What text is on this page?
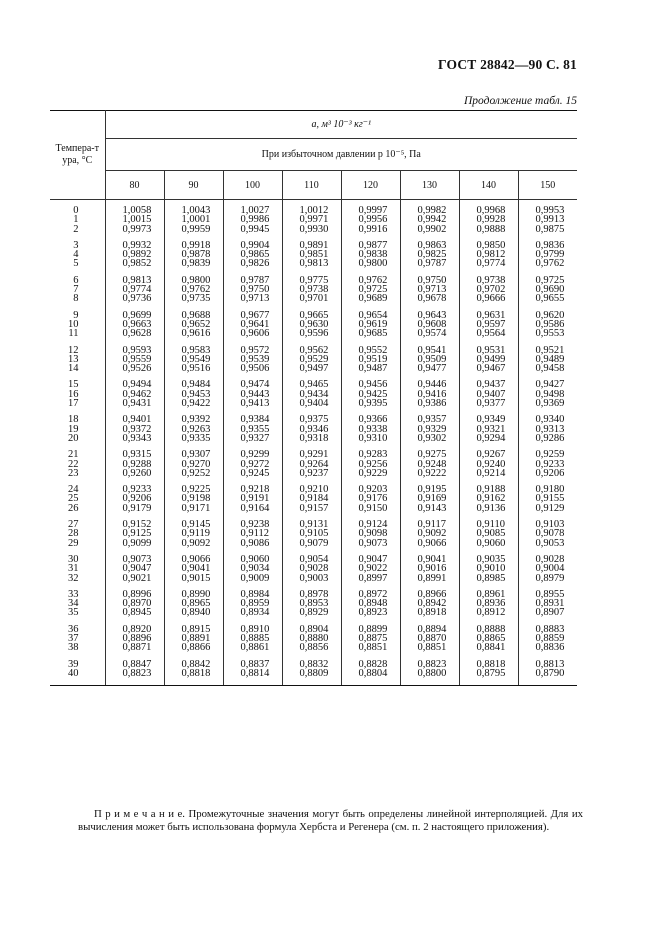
ГОСТ 28842—90 С. 81
Продолжение табл. 15
Темпера-тура, °C	a, м³ 10⁻³ кг⁻¹							
	При избыточном давлении p 10⁻⁵, Па							
	80	90	100	110	120	130	140	150
0	1,0058	1,0043	1,0027	1,0012	0,9997	0,9982	0,9968	0,9953
1	1,0015	1,0001	0,9986	0,9971	0,9956	0,9942	0,9928	0,9913
2	0,9973	0,9959	0,9945	0,9930	0,9916	0,9902	0,9888	0,9875
3	0,9932	0,9918	0,9904	0,9891	0,9877	0,9863	0,9850	0,9836
4	0,9892	0,9878	0,9865	0,9851	0,9838	0,9825	0,9812	0,9799
5	0,9852	0,9839	0,9826	0,9813	0,9800	0,9787	0,9774	0,9762
6	0,9813	0,9800	0,9787	0,9775	0,9762	0,9750	0,9738	0,9725
7	0,9774	0,9762	0,9750	0,9738	0,9725	0,9713	0,9702	0,9690
8	0,9736	0,9735	0,9713	0,9701	0,9689	0,9678	0,9666	0,9655
9	0,9699	0,9688	0,9677	0,9665	0,9654	0,9643	0,9631	0,9620
10	0,9663	0,9652	0,9641	0,9630	0,9619	0,9608	0,9597	0,9586
11	0,9628	0,9616	0,9606	0,9596	0,9685	0,9574	0,9564	0,9553
12	0,9593	0,9583	0,9572	0,9562	0,9552	0,9541	0,9531	0,9521
13	0,9559	0,9549	0,9539	0,9529	0,9519	0,9509	0,9499	0,9489
14	0,9526	0,9516	0,9506	0,9497	0,9487	0,9477	0,9467	0,9458
15	0,9494	0,9484	0,9474	0,9465	0,9456	0,9446	0,9437	0,9427
16	0,9462	0,9453	0,9443	0,9434	0,9425	0,9416	0,9407	0,9498
17	0,9431	0,9422	0,9413	0,9404	0,9395	0,9386	0,9377	0,9369
18	0,9401	0,9392	0,9384	0,9375	0,9366	0,9357	0,9349	0,9340
19	0,9372	0,9263	0,9355	0,9346	0,9338	0,9329	0,9321	0,9313
20	0,9343	0,9335	0,9327	0,9318	0,9310	0,9302	0,9294	0,9286
21	0,9315	0,9307	0,9299	0,9291	0,9283	0,9275	0,9267	0,9259
22	0,9288	0,9270	0,9272	0,9264	0,9256	0,9248	0,9240	0,9233
23	0,9260	0,9252	0,9245	0,9237	0,9229	0,9222	0,9214	0,9206
24	0,9233	0,9225	0,9218	0,9210	0,9203	0,9195	0,9188	0,9180
25	0,9206	0,9198	0,9191	0,9184	0,9176	0,9169	0,9162	0,9155
26	0,9179	0,9171	0,9164	0,9157	0,9150	0,9143	0,9136	0,9129
27	0,9152	0,9145	0,9238	0,9131	0,9124	0,9117	0,9110	0,9103
28	0,9125	0,9119	0,9112	0,9105	0,9098	0,9092	0,9085	0,9078
29	0,9099	0,9092	0,9086	0,9079	0,9073	0,9066	0,9060	0,9053
30	0,9073	0,9066	0,9060	0,9054	0,9047	0,9041	0,9035	0,9028
31	0,9047	0,9041	0,9034	0,9028	0,9022	0,9016	0,9010	0,9004
32	0,9021	0,9015	0,9009	0,9003	0,8997	0,8991	0,8985	0,8979
33	0,8996	0,8990	0,8984	0,8978	0,8972	0,8966	0,8961	0,8955
34	0,8970	0,8965	0,8959	0,8953	0,8948	0,8942	0,8936	0,8931
35	0,8945	0,8940	0,8934	0,8929	0,8923	0,8918	0,8912	0,8907
36	0,8920	0,8915	0,8910	0,8904	0,8899	0,8894	0,8888	0,8883
37	0,8896	0,8891	0,8885	0,8880	0,8875	0,8870	0,8865	0,8859
38	0,8871	0,8866	0,8861	0,8856	0,8851	0,8851	0,8841	0,8836
39	0,8847	0,8842	0,8837	0,8832	0,8828	0,8823	0,8818	0,8813
40	0,8823	0,8818	0,8814	0,8809	0,8804	0,8800	0,8795	0,8790
П р и м е ч а н и е. Промежуточные значения могут быть определены линейной интерполяцией. Для их вычисления может быть использована формула Хербста и Регенера (см. п. 2 настоящего приложения).
